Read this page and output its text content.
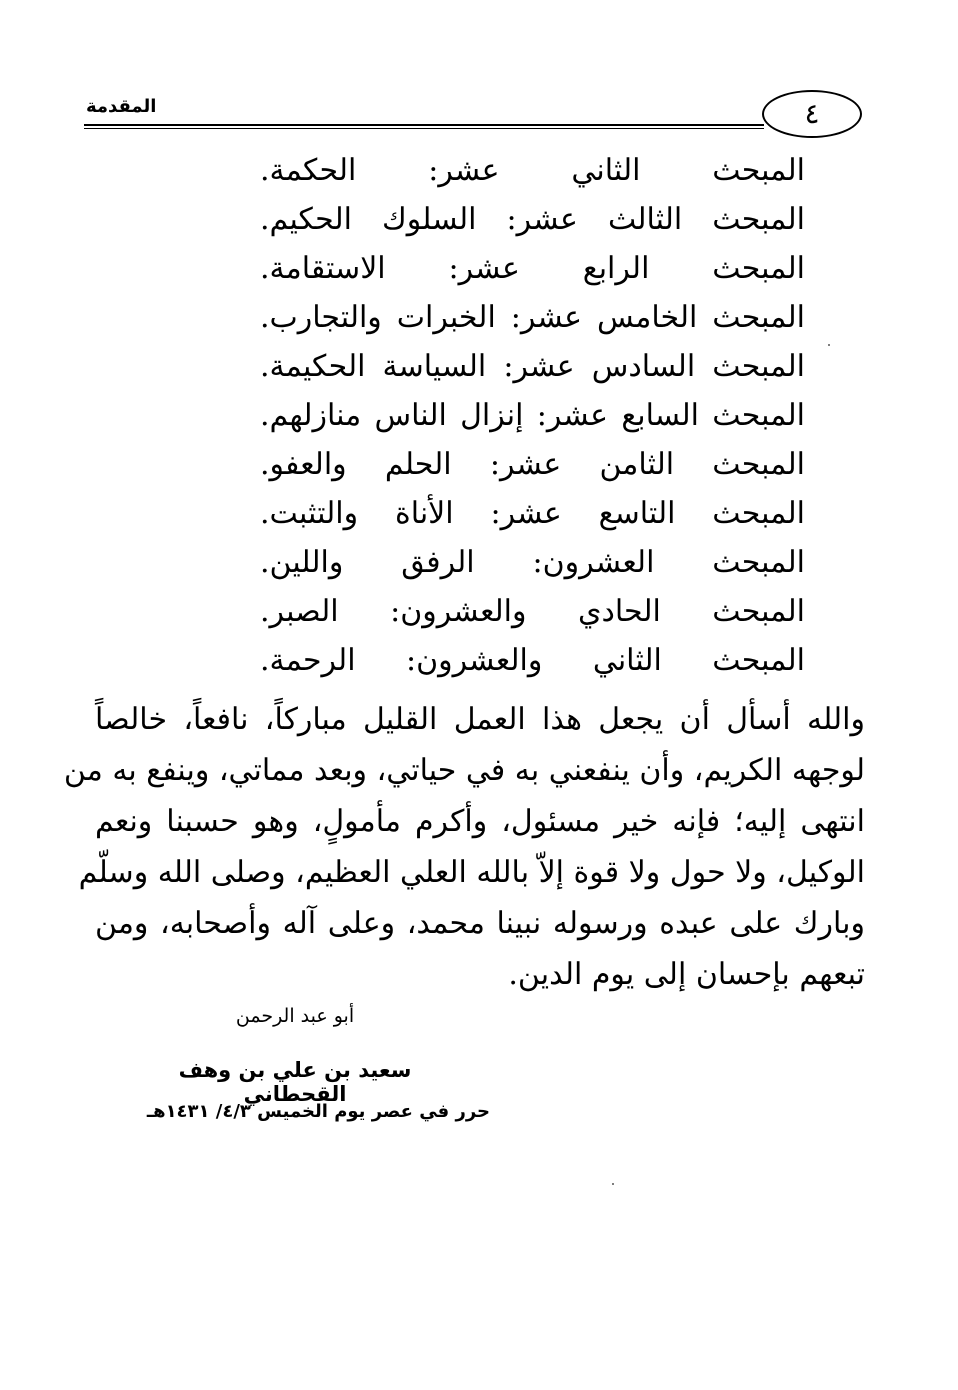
المقدمة	٤
المبحث الثاني عشر: الحكمة.
المبحث الثالث عشر: السلوك الحكيم.
المبحث الرابع عشر: الاستقامة.
المبحث الخامس عشر: الخبرات والتجارب.
المبحث السادس عشر: السياسة الحكيمة.
المبحث السابع عشر: إنزال الناس منازلهم.
المبحث الثامن عشر: الحلم والعفو.
المبحث التاسع عشر: الأناة والتثبت.
المبحث العشرون: الرفق واللين.
المبحث الحادي والعشرون: الصبر.
المبحث الثاني والعشرون: الرحمة.
والله أسأل أن يجعل هذا العمل القليل مباركاً، نافعاً، خالصاً
لوجهه الكريم، وأن ينفعني به في حياتي، وبعد مماتي، وينفع به من
انتهى إليه؛ فإنه خير مسئول، وأكرم مأمولٍ، وهو حسبنا ونعم
الوكيل، ولا حول ولا قوة إلاّ بالله العلي العظيم، وصلى الله وسلّم
وبارك على عبده ورسوله نبينا محمد، وعلى آله وأصحابه، ومن
تبعهم بإحسان إلى يوم الدين.
أبو عبد الرحمن
سعيد بن علي بن وهف القحطاني
حرر في عصر يوم الخميس ٤/٣/ ١٤٣١هـ
